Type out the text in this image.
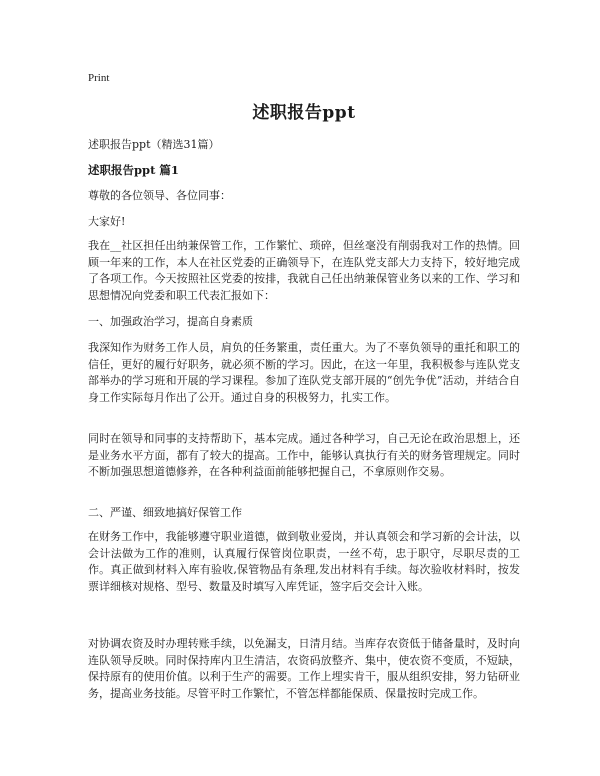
Print
述职报告ppt
述职报告ppt（精选31篇）
述职报告ppt 篇1

尊敬的各位领导、各位同事：

大家好!

我在__社区担任出纳兼保管工作，工作繁忙、琐碎，但丝毫没有削弱我对工作的热情。回顾一年来的工作，本人在社区党委的正确领导下，在连队党支部大力支持下，较好地完成了各项工作。今天按照社区党委的按排，我就自己任出纳兼保管业务以来的工作、学习和思想情况向党委和职工代表汇报如下：

一、加强政治学习，提高自身素质

我深知作为财务工作人员，肩负的任务繁重，责任重大。为了不辜负领导的重托和职工的信任，更好的履行好职务，就必须不断的学习。因此，在这一年里，我积极参与连队党支部举办的学习班和开展的学习课程。参加了连队党支部开展的“创先争优”活动，并结合自身工作实际每月作出了公开。通过自身的积极努力，扎实工作。

同时在领导和同事的支持帮助下，基本完成。通过各种学习，自己无论在政治思想上，还是业务水平方面，都有了较大的提高。工作中，能够认真执行有关的财务管理规定。同时不断加强思想道德修养，在各种利益面前能够把握自己，不拿原则作交易。

二、严谨、细致地搞好保管工作

在财务工作中，我能够遵守职业道德，做到敬业爱岗，并认真领会和学习新的会计法，以会计法做为工作的准则，认真履行保管岗位职责，一丝不苟，忠于职守，尽职尽责的工作。真正做到材料入库有验收,保管物品有条理,发出材料有手续。每次验收材料时，按发票详细核对规格、型号、数量及时填写入库凭证，签字后交会计入账。

对协调农资及时办理转账手续，以免漏支，日清月结。当库存农资低于储备量时，及时向连队领导反映。同时保持库内卫生清洁，农资码放整齐、集中，使农资不变质，不短缺，保持原有的使用价值。以利于生产的需要。工作上埋实肯干，服从组织安排，努力钻研业务，提高业务技能。尽管平时工作繁忙，不管怎样都能保质、保量按时完成工作。
